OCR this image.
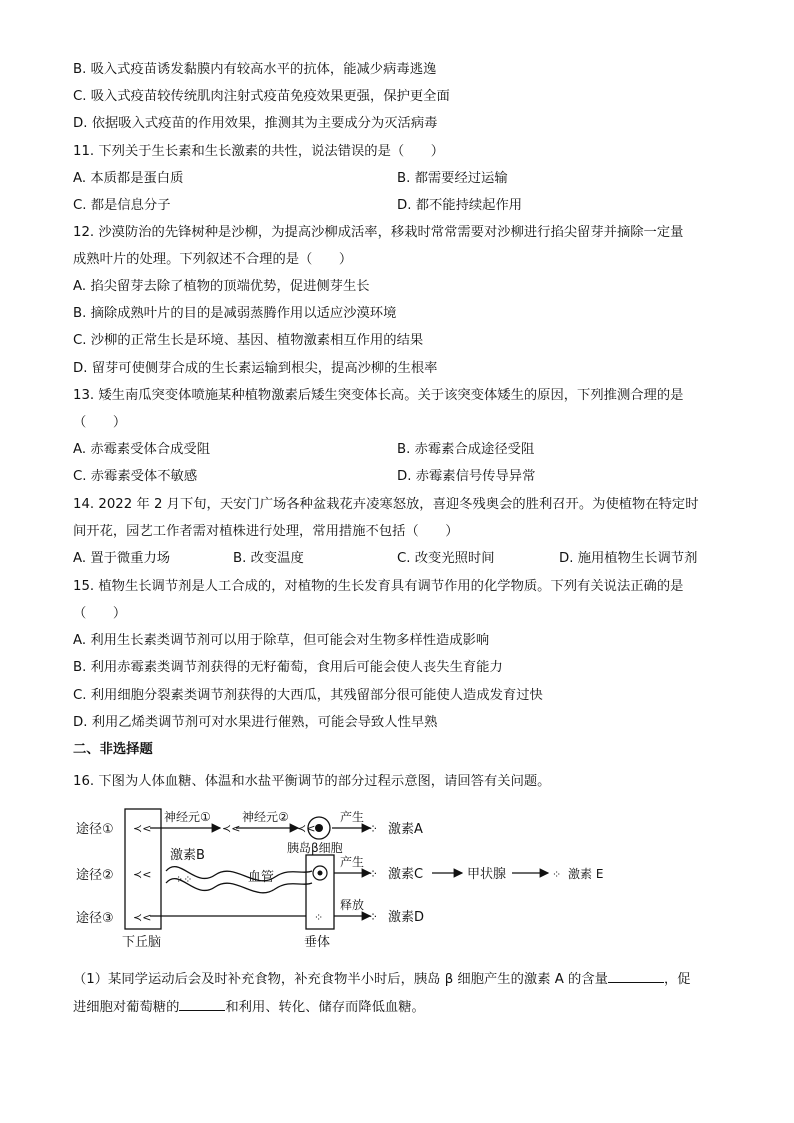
B. 吸入式疫苗诱发黏膜内有较高水平的抗体，能减少病毒逃逸
C. 吸入式疫苗较传统肌肉注射式疫苗免疫效果更强，保护更全面
D. 依据吸入式疫苗的作用效果，推测其为主要成分为灭活病毒
11. 下列关于生长素和生长激素的共性，说法错误的是（　　）
A. 本质都是蛋白质	B. 都需要经过运输
C. 都是信息分子	D. 都不能持续起作用
12. 沙漠防治的先锋树种是沙柳，为提高沙柳成活率，移栽时常常需要对沙柳进行掐尖留芽并摘除一定量
成熟叶片的处理。下列叙述不合理的是（　　）
A. 掐尖留芽去除了植物的顶端优势，促进侧芽生长
B. 摘除成熟叶片的目的是减弱蒸腾作用以适应沙漠环境
C. 沙柳的正常生长是环境、基因、植物激素相互作用的结果
D. 留芽可使侧芽合成的生长素运输到根尖，提高沙柳的生根率
13. 矮生南瓜突变体喷施某种植物激素后矮生突变体长高。关于该突变体矮生的原因，下列推测合理的是
（　　）
A. 赤霉素受体合成受阻	B. 赤霉素合成途径受阻
C. 赤霉素受体不敏感	D. 赤霉素信号传导异常
14. 2022 年 2 月下旬，天安门广场各种盆栽花卉凌寒怒放，喜迎冬残奥会的胜利召开。为使植物在特定时
间开花，园艺工作者需对植株进行处理，常用措施不包括（　　）
A. 置于微重力场	B. 改变温度	C. 改变光照时间	D. 施用植物生长调节剂
15. 植物生长调节剂是人工合成的，对植物的生长发育具有调节作用的化学物质。下列有关说法正确的是
（　　）
A. 利用生长素类调节剂可以用于除草，但可能会对生物多样性造成影响
B. 利用赤霉素类调节剂获得的无籽葡萄，食用后可能会使人丧失生育能力
C. 利用细胞分裂素类调节剂获得的大西瓜，其残留部分很可能使人造成发育过快
D. 利用乙烯类调节剂可对水果进行催熟，可能会导致人性早熟
二、非选择题
16. 下图为人体血糖、体温和水盐平衡调节的部分过程示意图，请回答有关问题。
下丘脑	垂体
途径①
途径②
途径③
≺<
≺<
≺<
神经元①
≺<
神经元②
≺<
胰岛β细胞
产生
⁘ 激素A
激素B
⁘⁘	血管
产生
⁘ 激素C	甲状腺	⁘ 激素 E
⁘
释放
⁘ 激素D
（1）某同学运动后会及时补充食物，补充食物半小时后，胰岛 β 细胞产生的激素 A 的含量	，促
进细胞对葡萄糖的	和利用、转化、储存而降低血糖。
